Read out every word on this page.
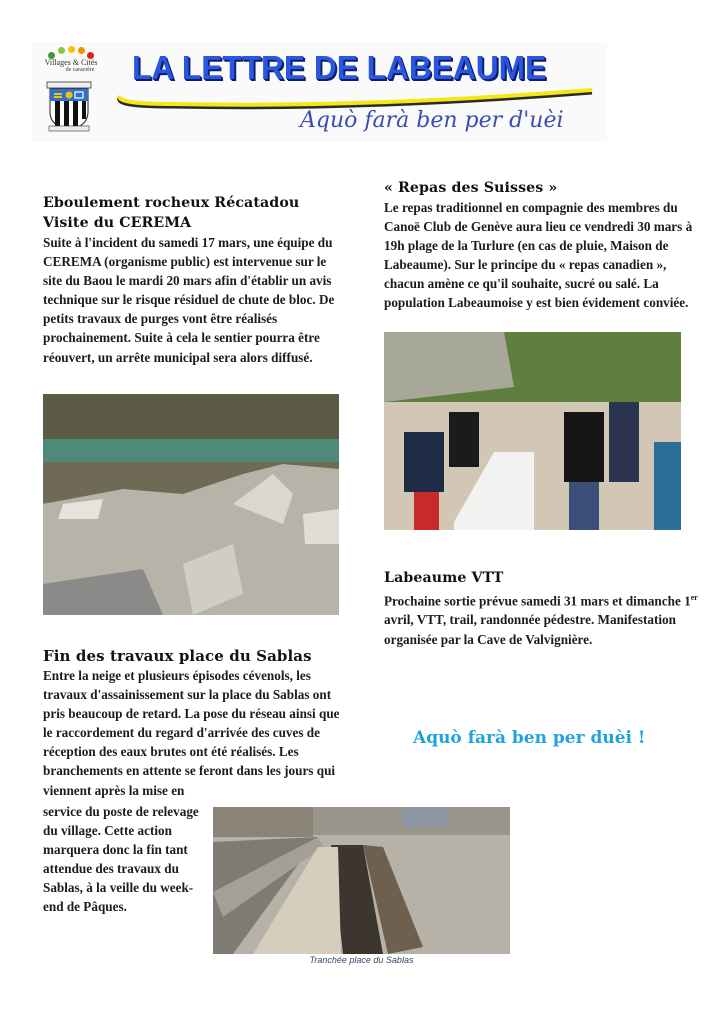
Villages & Cités
de caractère LA LETTRE DE LABEAUME
Aquò farà ben per d'uèi
Eboulement rocheux Récatadou
Visite du CEREMA

Suite à l'incident du samedi 17 mars, une équipe du CEREMA (organisme public) est intervenue sur le site du Baou le mardi 20 mars afin d'établir un avis technique sur le risque résiduel de chute de bloc. De petits travaux de purges vont être réalisés prochainement. Suite à cela le sentier pourra être réouvert, un arrête municipal sera alors diffusé.

« Repas des Suisses »

Le repas traditionnel en compagnie des membres du Canoë Club de Genève aura lieu ce vendredi 30 mars à 19h plage de la Turlure (en cas de pluie, Maison de Labeaume). Sur le principe du « repas canadien », chacun amène ce qu'il souhaite, sucré ou salé. La population Labeaumoise y est bien évidement conviée.

Labeaume VTT

Prochaine sortie prévue samedi 31 mars et dimanche 1er avril, VTT, trail, randonnée pédestre. Manifestation organisée par la Cave de Valvignière.

Aquò farà ben per duèi !
Fin des travaux place du Sablas

Entre la neige et plusieurs épisodes cévenols, les travaux d'assainissement sur la place du Sablas ont pris beaucoup de retard. La pose du réseau ainsi que le raccordement du regard d'arrivée des cuves de réception des eaux brutes ont été réalisés. Les branchements en attente se feront dans les jours qui viennent après la mise en

service du poste de relevage du village. Cette action marquera donc la fin tant attendue des travaux du Sablas, à la veille du week-end de Pâques.

Tranchée place du Sablas
